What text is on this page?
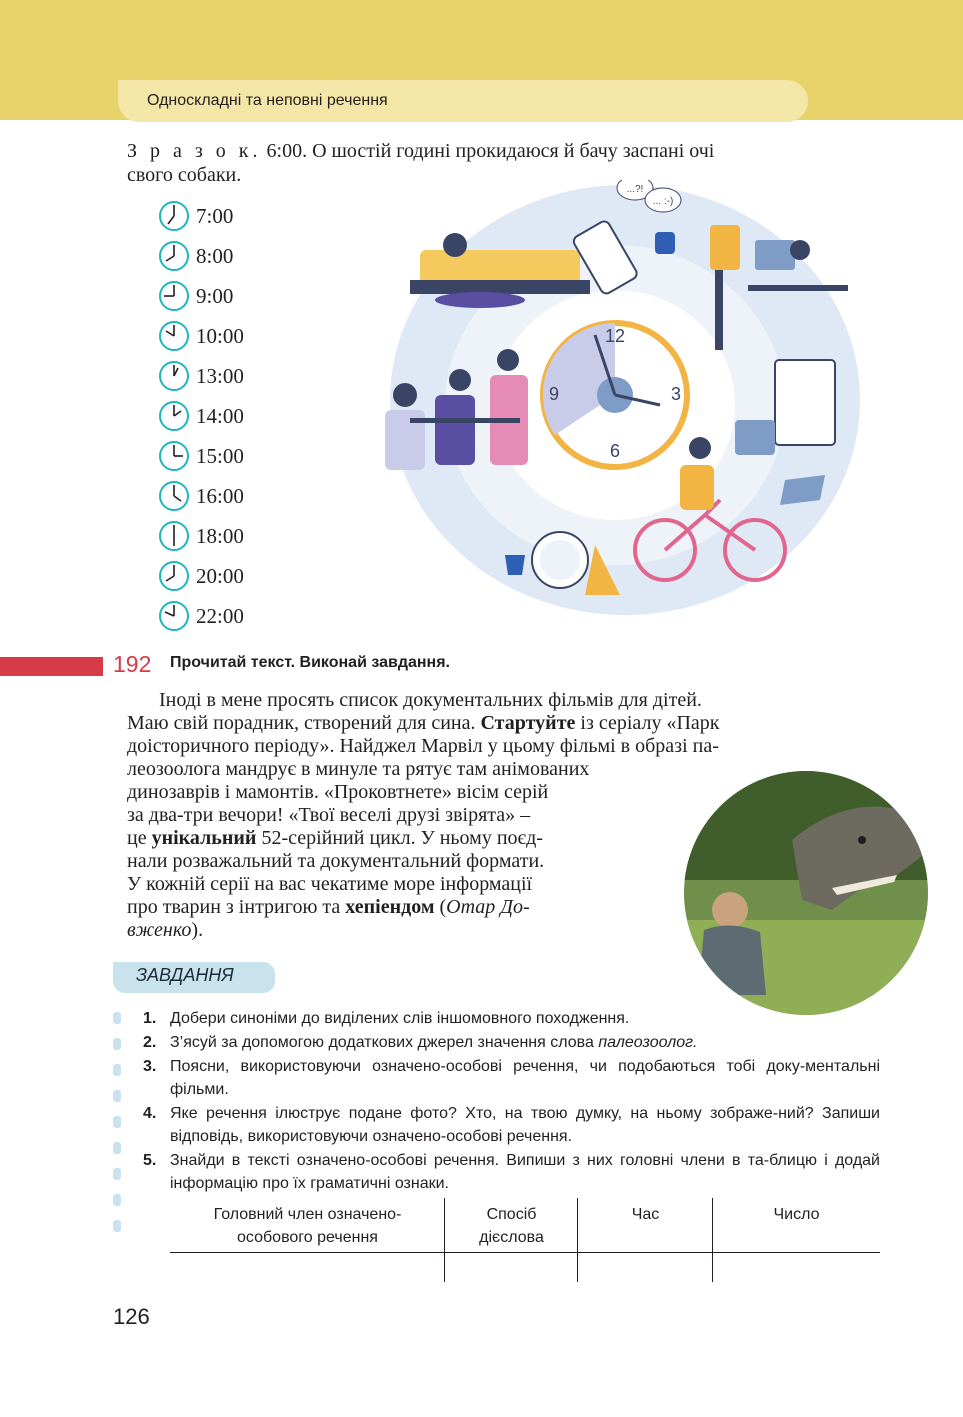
Односкладні та неповні речення
З р а з о к. 6:00. О шостій годині прокидаюся й бачу заспані очі
свого собаки.
7:00
8:00
9:00
10:00
13:00
14:00
15:00
16:00
18:00
20:00
22:00
12
3
6
9
...?!
... :-)
192 Прочитай текст. Виконай завдання.
Іноді в мене просять список документальних фільмів для дітей.
Маю свій порадник, створений для сина. Стартуйте із серіалу «Парк
доісторичного періоду». Найджел Марвіл у цьому фільмі в образі па-
леозоолога мандрує в минуле та рятує там анімованих
динозаврів і мамонтів. «Проковтнете» вісім серій
за два-три вечори! «Твої веселі друзі звірята» –
це унікальний 52-серійний цикл. У ньому поєд-
нали розважальний та документальний формати.
У кожній серії на вас чекатиме море інформації
про тварин з інтригою та хепіендом (Отар До-
вженко).
ЗАВДАННЯ
1. Добери синоніми до виділених слів іншомовного походження.
2. З’ясуй за допомогою додаткових джерел значення слова палеозоолог.
3. Поясни, використовуючи означено-особові речення, чи подобаються тобі доку-ментальні фільми.
4. Яке речення ілюструє подане фото? Хто, на твою думку, на ньому зображе-ний? Запиши відповідь, використовуючи означено-особові речення.
5. Знайди в тексті означено-особові речення. Випиши з них головні члени в та-блицю і додай інформацію про їх граматичні ознаки.
Головний член означено-
особового речення
Спосіб
дієслова
Час	Число
126
